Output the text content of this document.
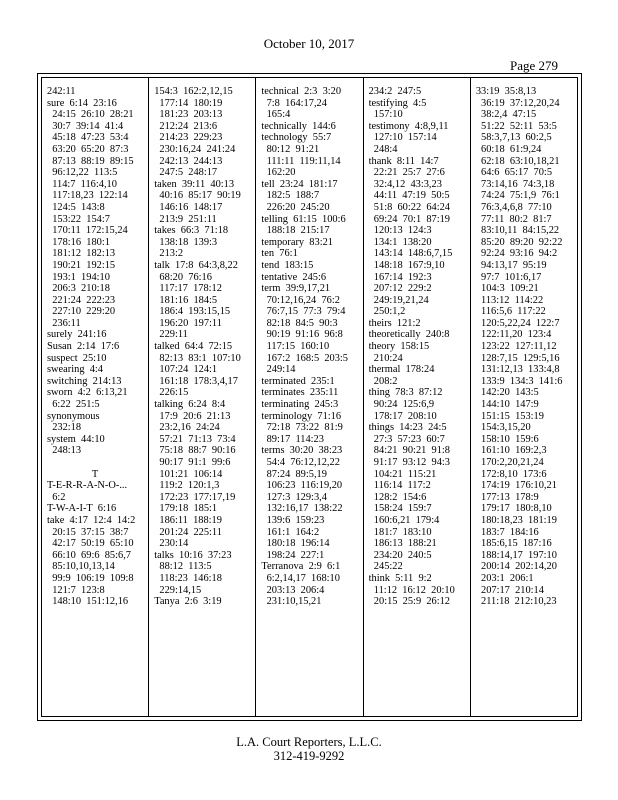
October 10, 2017
Page 279
242:11
sure  6:14  23:16
24:15  26:10  28:21
30:7  39:14  41:4
45:18  47:23  53:4
63:20  65:20  87:3
87:13  88:19  89:15
96:12,22  113:5
114:7  116:4,10
117:18,23  122:14
124:5  143:8
153:22  154:7
170:11  172:15,24
178:16  180:1
181:12  182:13
190:21  192:15
193:1  194:10
206:3  210:18
221:24  222:23
227:10  229:20
236:11
surely  241:16
Susan  2:14  17:6
suspect  25:10
swearing  4:4
switching  214:13
sworn  4:2  6:13,21
6:22  251:5
synonymous
232:18
system  44:10
248:13

T
T-E-R-R-A-N-O-...
6:2
T-W-A-I-T  6:16
take  4:17  12:4  14:2
20:15  37:15  38:7
42:17  50:19  65:10
66:10  69:6  85:6,7
85:10,10,13,14
99:9  106:19  109:8
121:7  123:8
148:10  151:12,16
154:3  162:2,12,15
177:14  180:19
181:23  203:13
212:24  213:6
214:23  229:23
230:16,24  241:24
242:13  244:13
247:5  248:17
taken  39:11  40:13
40:16  85:17  90:19
146:16  148:17
213:9  251:11
takes  66:3  71:18
138:18  139:3
213:2
talk  17:8  64:3,8,22
68:20  76:16
117:17  178:12
181:16  184:5
186:4  193:15,15
196:20  197:11
229:11
talked  64:4  72:15
82:13  83:1  107:10
107:24  124:1
161:18  178:3,4,17
226:15
talking  6:24  8:4
17:9  20:6  21:13
23:2,16  24:24
57:21  71:13  73:4
75:18  88:7  90:16
90:17  91:1  99:6
101:21  106:14
119:2  120:1,3
172:23  177:17,19
179:18  185:1
186:11  188:19
201:24  225:11
230:14
talks  10:16  37:23
88:12  113:5
118:23  146:18
229:14,15
Tanya  2:6  3:19
technical  2:3  3:20
7:8  164:17,24
165:4
technically  144:6
technology  55:7
80:12  91:21
111:11  119:11,14
162:20
tell  23:24  181:17
182:5  188:7
226:20  245:20
telling  61:15  100:6
188:18  215:17
temporary  83:21
ten  76:1
tend  183:15
tentative  245:6
term  39:9,17,21
70:12,16,24  76:2
76:7,15  77:3  79:4
82:18  84:5  90:3
90:19  91:16  96:8
117:15  160:10
167:2  168:5  203:5
249:14
terminated  235:1
terminates  235:11
terminating  245:3
terminology  71:16
72:18  73:22  81:9
89:17  114:23
terms  30:20  38:23
54:4  76:12,12,22
87:24  89:5,19
106:23  116:19,20
127:3  129:3,4
132:16,17  138:22
139:6  159:23
161:1  164:2
180:18  196:14
198:24  227:1
Terranova  2:9  6:1
6:2,14,17  168:10
203:13  206:4
231:10,15,21
234:2  247:5
testifying  4:5
157:10
testimony  4:8,9,11
127:10  157:14
248:4
thank  8:11  14:7
22:21  25:7  27:6
32:4,12  43:3,23
44:11  47:19  50:5
51:8  60:22  64:24
69:24  70:1  87:19
120:13  124:3
134:1  138:20
143:14  148:6,7,15
148:18  167:9,10
167:14  192:3
207:12  229:2
249:19,21,24
250:1,2
theirs  121:2
theoretically  240:8
theory  158:15
210:24
thermal  178:24
208:2
thing  78:3  87:12
90:24  125:6,9
178:17  208:10
things  14:23  24:5
27:3  57:23  60:7
84:21  90:21  91:8
91:17  93:12  94:3
104:21  115:21
116:14  117:2
128:2  154:6
158:24  159:7
160:6,21  179:4
181:7  183:10
186:13  188:21
234:20  240:5
245:22
think  5:11  9:2
11:12  16:12  20:10
20:15  25:9  26:12
33:19  35:8,13
36:19  37:12,20,24
38:2,4  47:15
51:22  52:11  53:5
58:3,7,13  60:2,5
60:18  61:9,24
62:18  63:10,18,21
64:6  65:17  70:5
73:14,16  74:3,18
74:24  75:1,9  76:1
76:3,4,6,8  77:10
77:11  80:2  81:7
83:10,11  84:15,22
85:20  89:20  92:22
92:24  93:16  94:2
94:13,17  95:19
97:7  101:6,17
104:3  109:21
113:12  114:22
116:5,6  117:22
120:5,22,24  122:7
122:11,20  123:4
123:22  127:11,12
128:7,15  129:5,16
131:12,13  133:4,8
133:9  134:3  141:6
142:20  143:5
144:10  147:9
151:15  153:19
154:3,15,20
158:10  159:6
161:10  169:2,3
170:2,20,21,24
172:8,10  173:6
174:19  176:10,21
177:13  178:9
179:17  180:8,10
180:18,23  181:19
183:7  184:16
185:6,15  187:16
188:14,17  197:10
200:14  202:14,20
203:1  206:1
207:17  210:14
211:18  212:10,23
L.A. Court Reporters, L.L.C.
312-419-9292
